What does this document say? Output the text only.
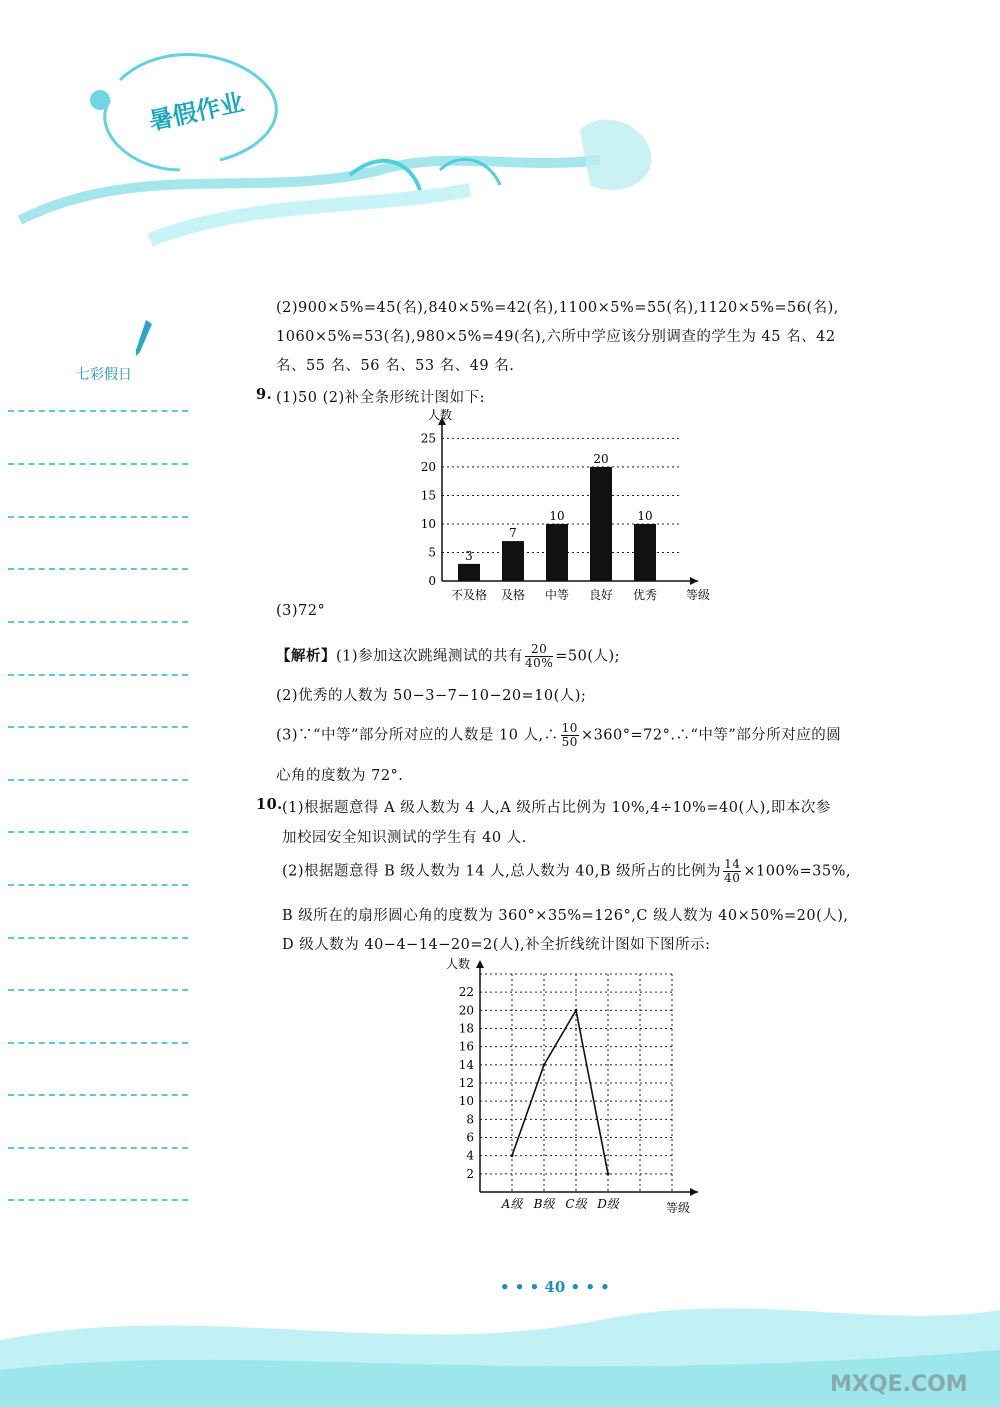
暑假作业
七彩假日
(2)900×5%=45(名),840×5%=42(名),1100×5%=55(名),1120×5%=56(名),
1060×5%=53(名),980×5%=49(名),六所中学应该分别调查的学生为 45 名、42
名、55 名、56 名、53 名、49 名.
9. (1)50 (2)补全条形统计图如下:
0
5
10
15
20
25
人数
等级
3
不及格
7
及格
10
中等
20
良好
10
优秀
(3)72°
【解析】(1)参加这次跳绳测试的共有 $\frac{20}{40\%} =50$(人);
(2)优秀的人数为 50−3−7−10−20=10(人);
(3)∵“中等”部分所对应的人数是 10 人,∴ $\frac{10}{50}$ ×360°=72°.∴“中等”部分所对应的圆
心角的度数为 72°.
10. (1)根据题意得 A 级人数为 4 人,A 级所占比例为 10%,4÷10%=40(人),即本次参
加校园安全知识测试的学生有 40 人.
(2)根据题意得 B 级人数为 14 人,总人数为 40,B 级所占的比例为 $\frac{14}{40} \times 100\%=35\%$,
B 级所在的扇形圆心角的度数为 360°×35%=126°,C 级人数为 40×50%=20(人),
D 级人数为 40−4−14−20=2(人),补全折线统计图如下图所示:
2
4
6
8
10
12
14
16
18
20
22
人数
等级
A级 B级 C级 D级
• • • 40 • • •
MXQE.COM
